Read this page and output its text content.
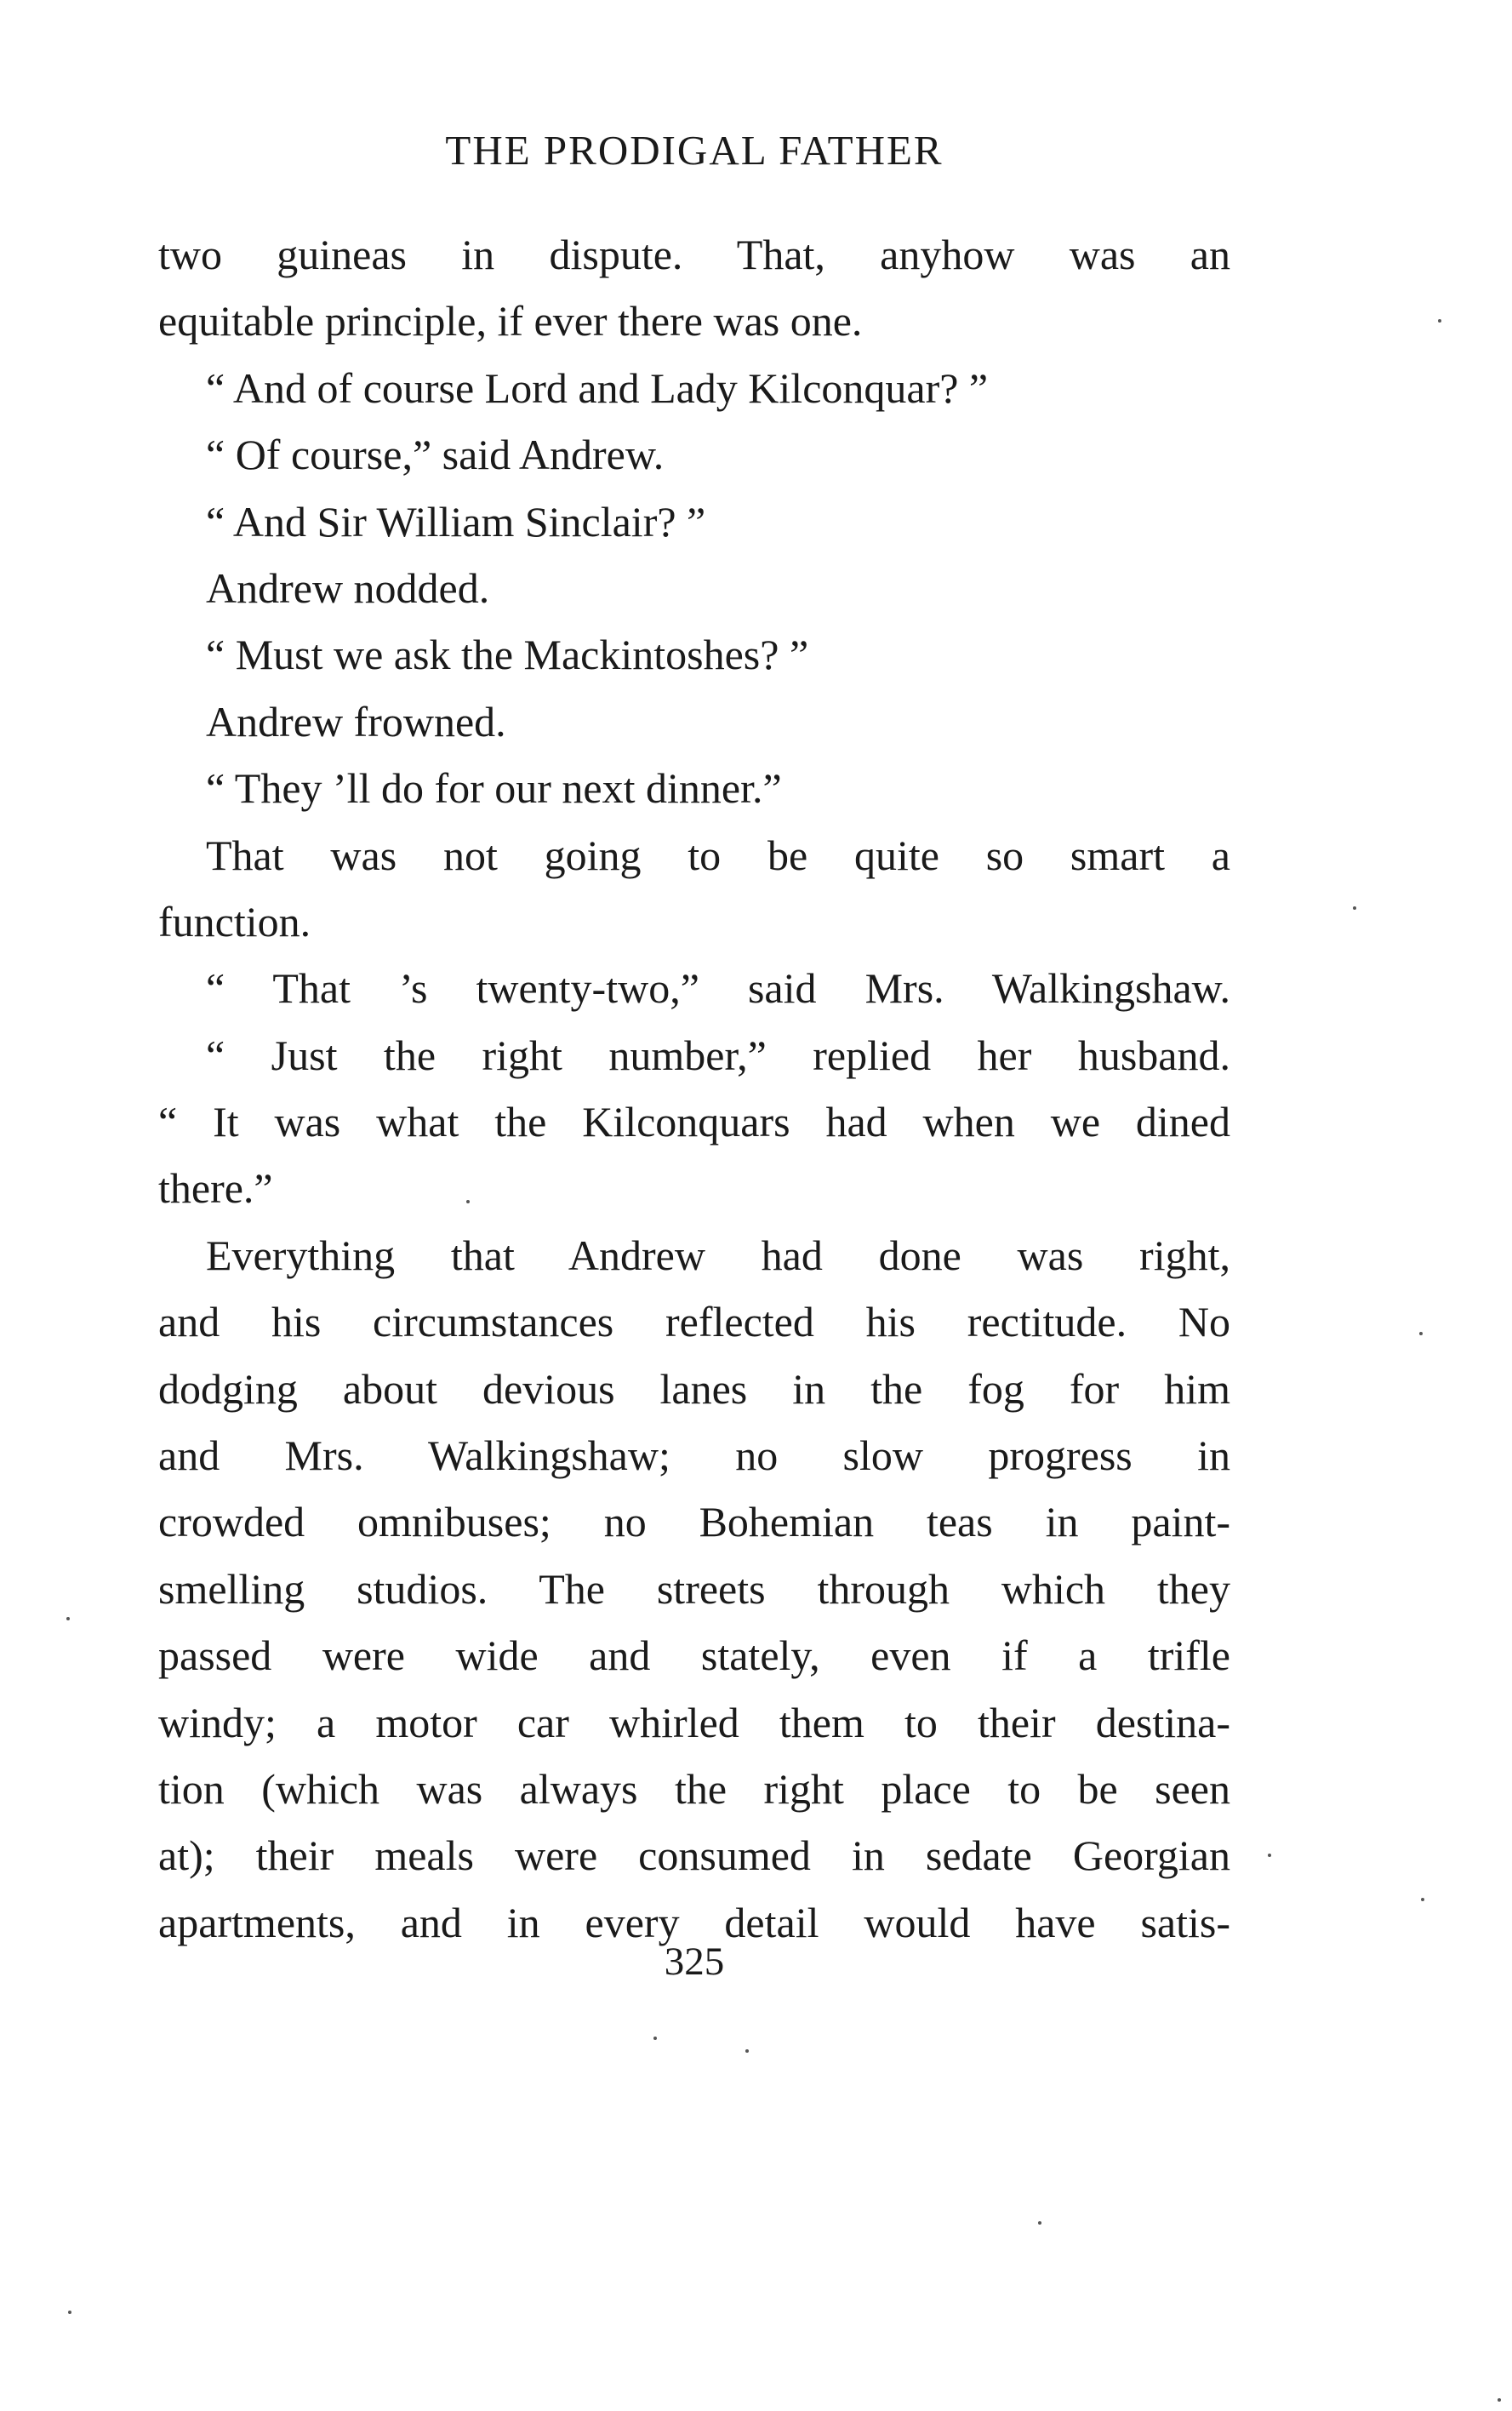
THE PRODIGAL FATHER
two guineas in dispute. That, anyhow was an
equitable principle, if ever there was one.
“ And of course Lord and Lady Kilconquar? ”
“ Of course,” said Andrew.
“ And Sir William Sinclair? ”
Andrew nodded.
“ Must we ask the Mackintoshes? ”
Andrew frowned.
“ They ’ll do for our next dinner.”
That was not going to be quite so smart a
function.
“ That ’s twenty-two,” said Mrs. Walkingshaw.
“ Just the right number,” replied her husband.
“ It was what the Kilconquars had when we dined
there.”
Everything that Andrew had done was right,
and his circumstances reflected his rectitude. No
dodging about devious lanes in the fog for him
and Mrs. Walkingshaw; no slow progress in
crowded omnibuses; no Bohemian teas in paint-
smelling studios. The streets through which they
passed were wide and stately, even if a trifle
windy; a motor car whirled them to their destina-
tion (which was always the right place to be seen
at); their meals were consumed in sedate Georgian
apartments, and in every detail would have satis-
325
